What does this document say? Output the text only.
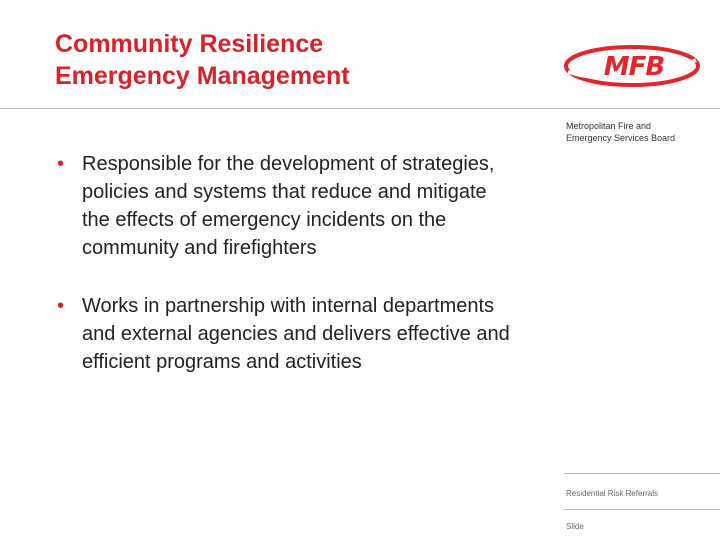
Community Resilience
Emergency Management	MFB
Metropolitan Fire and
Emergency Services Board
• Responsible for the development of strategies, policies and systems that reduce and mitigate the effects of emergency incidents on the community and firefighters
• Works in partnership with internal departments and external agencies and delivers effective and efficient programs and activities
Residential Risk Referrals
Slide
